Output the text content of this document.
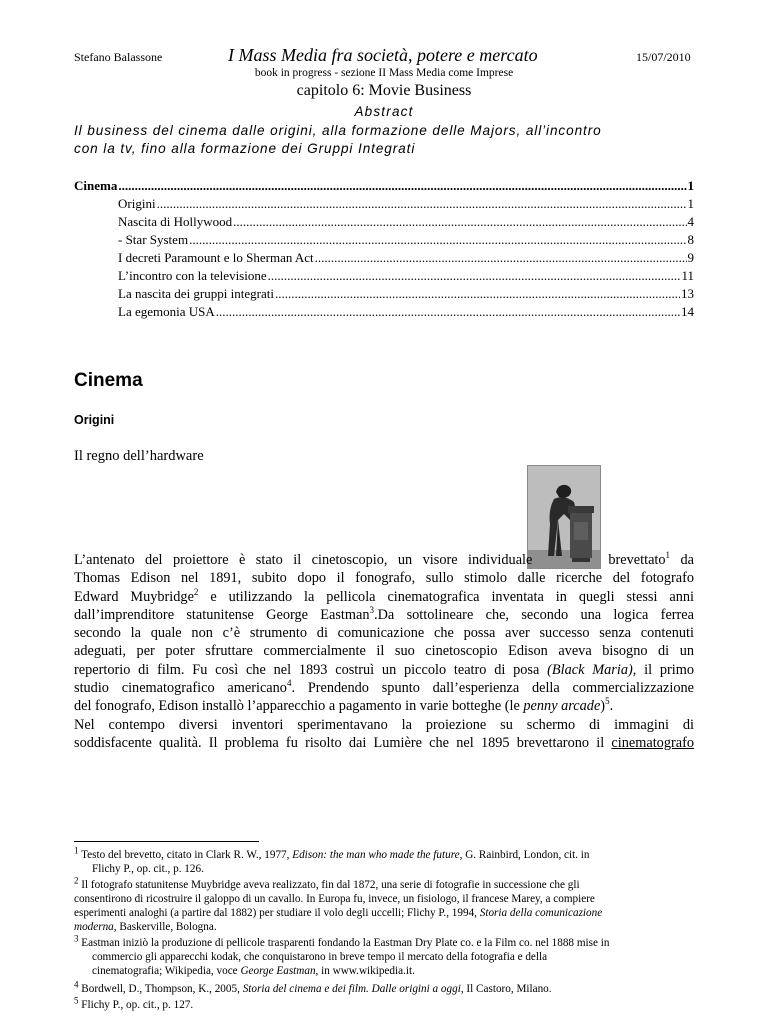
Stefano Balassone	I Mass Media fra società, potere e mercato	15/07/2010
book in progress - sezione II Mass Media come Imprese
capitolo 6: Movie Business
Abstract
Il business del cinema dalle origini, alla formazione delle Majors, all’incontro
con la tv, fino alla formazione dei Gruppi Integrati
Cinema .....	1
Origini .....	1
Nascita di Hollywood .....	4
- Star System .....	8
I decreti Paramount e lo Sherman Act .....	9
L’incontro con la televisione .....	11
La nascita dei gruppi integrati .....	13
La egemonia USA .....	14
Cinema
Origini
Il regno dell’hardware
L’antenato del proiettore è stato il cinetoscopio, un visore individuale	brevettato$^1$ da
Thomas Edison nel 1891, subito dopo il fonografo, sullo stimolo dalle ricerche del fotografo
Edward Muybridge$^2$ e utilizzando la pellicola cinematografica inventata in quegli stessi anni
dall’imprenditore statunitense George Eastman$^3$.Da sottolineare che, secondo una logica ferrea
secondo la quale non c’è strumento di comunicazione che possa aver successo senza contenuti
adeguati, per poter sfruttare commercialmente il suo cinetoscopio Edison aveva bisogno di un
repertorio di film. Fu così che nel 1893 costruì un piccolo teatro di posa (Black Maria), il primo
studio cinematografico americano$^4$. Prendendo spunto dall’esperienza della commercializzazione
del fonografo, Edison installò l’apparecchio a pagamento in varie botteghe (le penny arcade)$^5$.
Nel contempo diversi inventori sperimentavano la proiezione su schermo di immagini di
soddisfacente qualità. Il problema fu risolto dai Lumière che nel 1895 brevettarono il cinematografo
$^1$ Testo del brevetto, citato in Clark R. W., 1977, Edison: the man who made the future, G. Rainbird, London, cit. in
Flichy P., op. cit., p. 126.
$^2$ Il fotografo statunitense Muybridge aveva realizzato, fin dal 1872, una serie di fotografie in successione che gli
consentirono di ricostruire il galoppo di un cavallo. In Europa fu, invece, un fisiologo, il francese Marey, a compiere
esperimenti analoghi (a partire dal 1882) per studiare il volo degli uccelli; Flichy P., 1994, Storia della comunicazione
moderna, Baskerville, Bologna.
$^3$ Eastman iniziò la produzione di pellicole trasparenti fondando la Eastman Dry Plate co. e la Film co. nel 1888 mise in
commercio gli apparecchi kodak, che conquistarono in breve tempo il mercato della fotografia e della
cinematografia; Wikipedia, voce George Eastman, in www.wikipedia.it.
$^4$ Bordwell, D., Thompson, K., 2005, Storia del cinema e dei film. Dalle origini a oggi, Il Castoro, Milano.
$^5$ Flichy P., op. cit., p. 127.
